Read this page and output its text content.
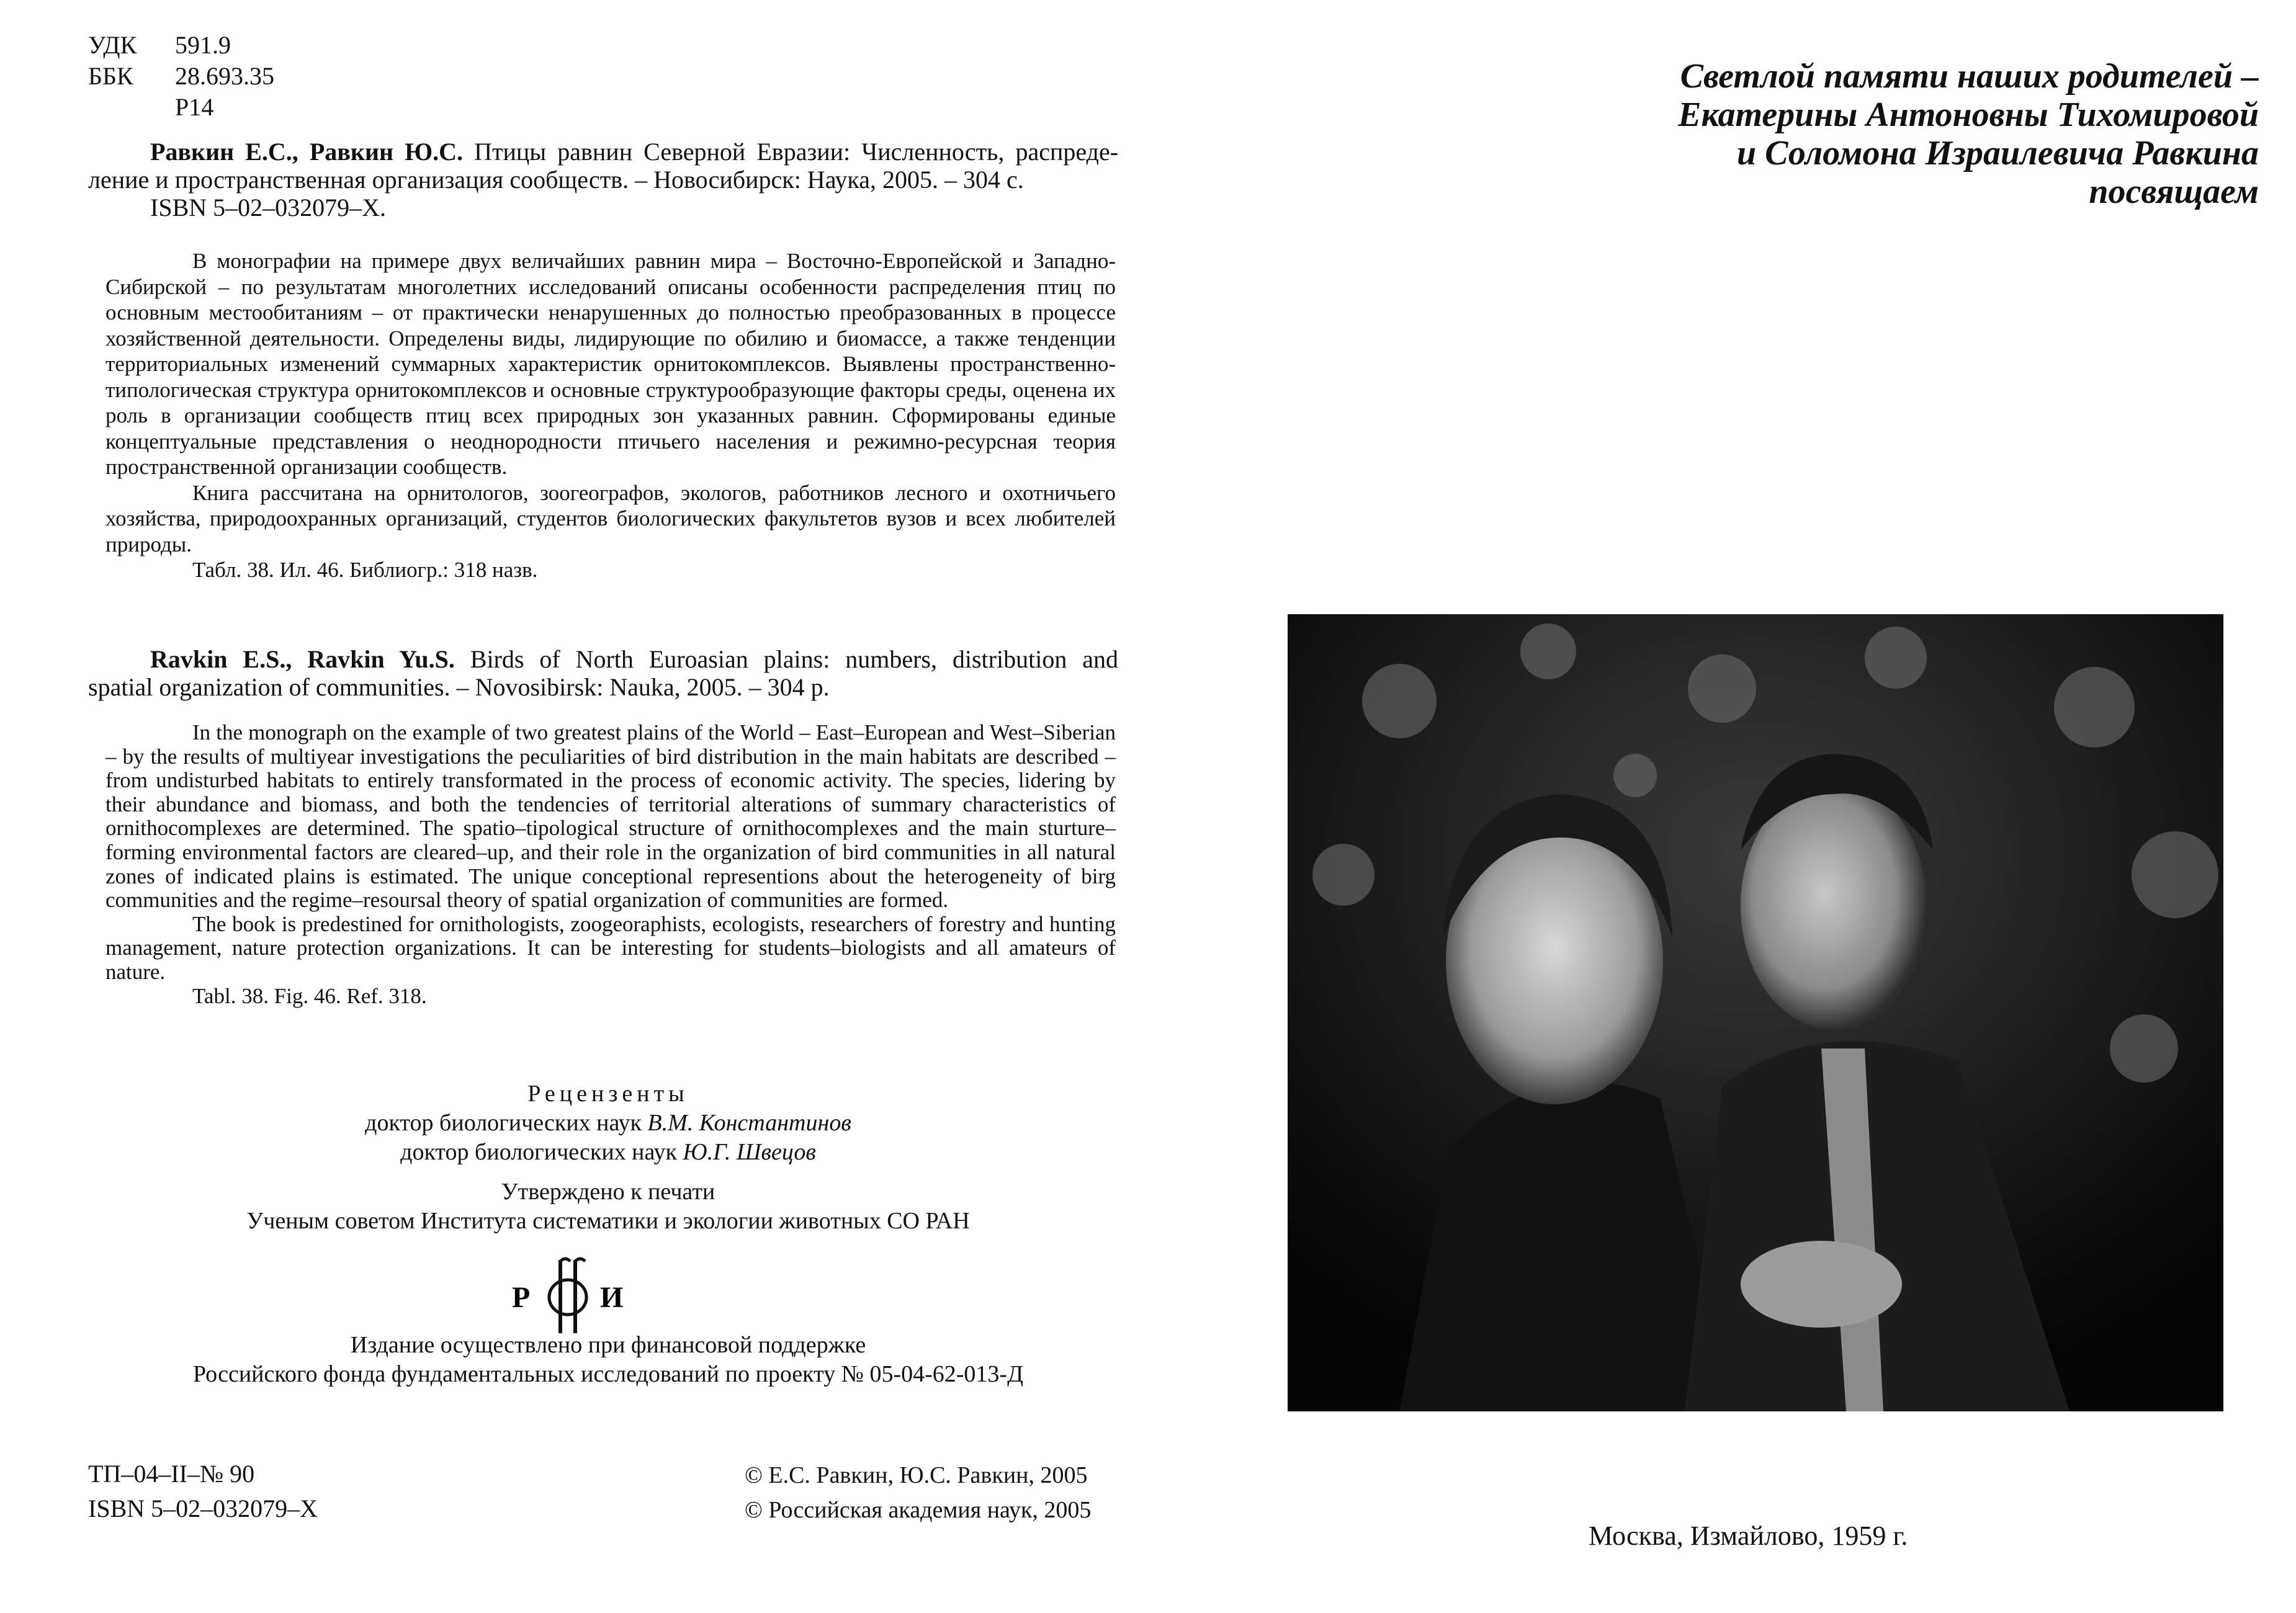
УДК 591.9
ББК 28.693.35
Р14
Равкин Е.С., Равкин Ю.С. Птицы равнин Северной Евразии: Численность, распреде-
ление и пространственная организация сообществ. – Новосибирск: Наука, 2005. – 304 с.
ISBN 5–02–032079–Х.
В монографии на примере двух величайших равнин мира – Восточно-Европейской и Западно-Сибирской – по результатам многолетних исследований описаны особенности распределения птиц по основным местообитаниям – от практически ненарушенных до полностью преобразованных в процессе хозяйственной деятельности. Определены виды, лидирующие по обилию и биомассе, а также тенденции территориальных изменений суммарных характеристик орнитокомплексов. Выявлены пространственно-типологическая структура орнитокомплексов и основные структурообразующие факторы среды, оценена их роль в организации сообществ птиц всех природных зон указанных равнин. Сформированы единые концептуальные представления о неоднородности птичьего населения и режимно-ресурсная теория пространственной организации сообществ.
Книга рассчитана на орнитологов, зоогеографов, экологов, работников лесного и охотничьего хозяйства, природоохранных организаций, студентов биологических факультетов вузов и всех любителей природы.
Табл. 38. Ил. 46. Библиогр.: 318 назв.
Ravkin E.S., Ravkin Yu.S. Birds of North Euroasian plains: numbers, distribution and
spatial organization of communities. – Novosibirsk: Nauka, 2005. – 304 p.
In the monograph on the example of two greatest plains of the World – East–European and West–Siberian – by the results of multiyear investigations the peculiarities of bird distribution in the main habitats are described – from undisturbed habitats to entirely transformated in the process of economic activity. The species, lidering by their abundance and biomass, and both the tendencies of territorial alterations of summary characteristics of ornithocomplexes are determined. The spatio–tipological structure of ornithocomplexes and the main sturture–forming environmental factors are cleared–up, and their role in the organization of bird communities in all natural zones of indicated plains is estimated. The unique conceptional representions about the heterogeneity of birg communities and the regime–resoursal theory of spatial organization of communities are formed.
The book is predestined for ornithologists, zoogeoraphists, ecologists, researchers of forestry and hunting management, nature protection organizations. It can be interesting for students–biologists and all amateurs of nature.
Tabl. 38. Fig. 46. Ref. 318.
Рецензенты
доктор биологических наук В.М. Константинов
доктор биологических наук Ю.Г. Швецов
Утверждено к печати
Ученым советом Института систематики и экологии животных СО РАН
Р И
Издание осуществлено при финансовой поддержке
Российского фонда фундаментальных исследований по проекту № 05-04-62-013-Д
ТП–04–II–№ 90
ISBN 5–02–032079–Х
© Е.С. Равкин, Ю.С. Равкин, 2005
© Российская академия наук, 2005
Светлой памяти наших родителей –
Екатерины Антоновны Тихомировой
и Соломона Израилевича Равкина
посвящаем
Москва, Измайлово, 1959 г.
